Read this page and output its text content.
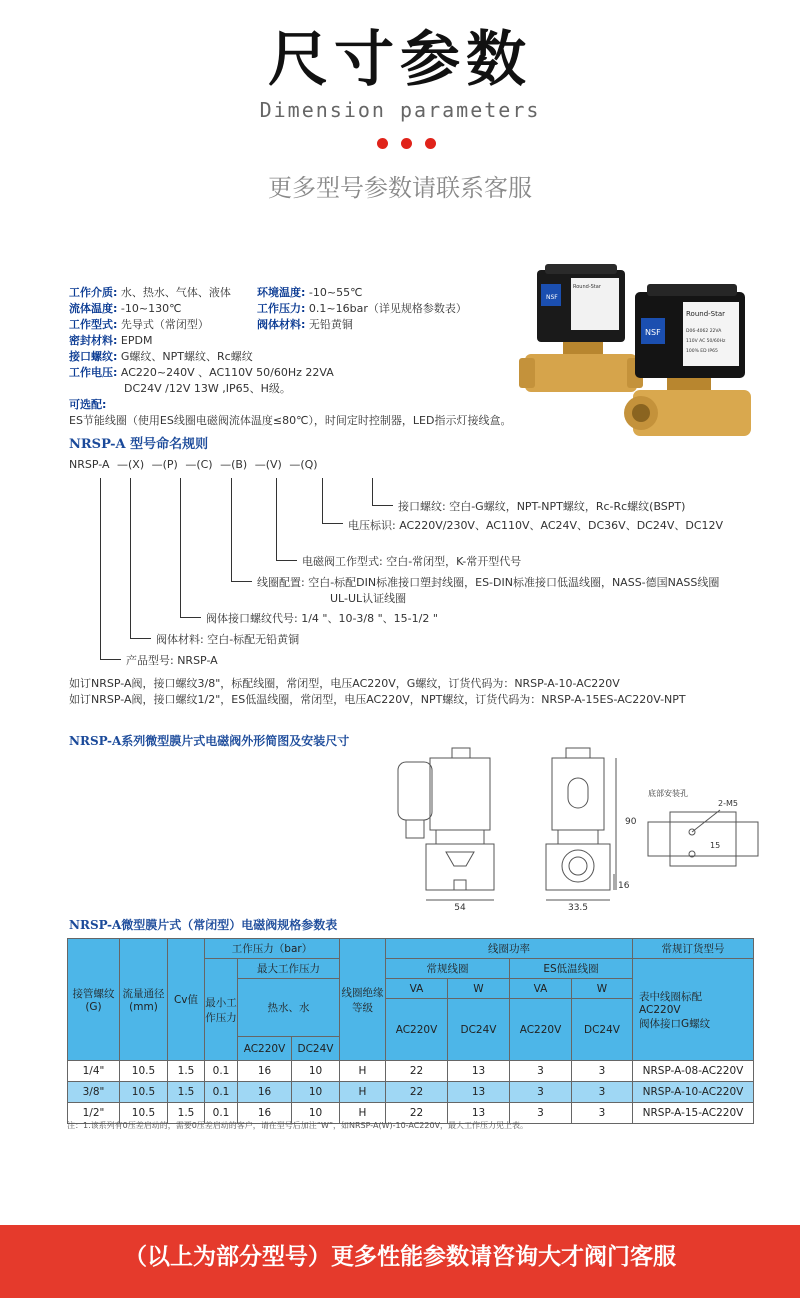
尺寸参数
Dimension parameters
更多型号参数请联系客服
工作介质: 水、热水、气体、液体
流体温度: -10~130℃
工作型式: 先导式（常闭型）
密封材料: EPDM
接口螺纹: G螺纹、NPT螺纹、Rc螺纹
工作电压: AC220~240V 、AC110V 50/60Hz 22VA
DC24V /12V 13W ,IP65、H级。
可选配:
ES节能线圈（使用ES线圈电磁阀流体温度≤80℃），时间定时控制器，LED指示灯接线盒。
环境温度: -10~55℃
工作压力: 0.1~16bar（详见规格参数表）
阀体材料: 无铅黄铜
NSF
Round-Star
NSF
Round-Star
D06-4062 22VA
110V AC 50/60Hz
100% ED IP65
NRSP-A 型号命名规则
NRSP-A —(X) —(P) —(C) —(B) —(V) —(Q)
接口螺纹: 空白-G螺纹，NPT-NPT螺纹，Rc-Rc螺纹(BSPT)
电压标识: AC220V/230V、AC110V、AC24V、DC36V、DC24V、DC12V
电磁阀工作型式: 空白-常闭型，K-常开型代号
线圈配置: 空白-标配DIN标准接口塑封线圈，ES-DIN标准接口低温线圈，NASS-德国NASS线圈
UL-UL认证线圈
阀体接口螺纹代号: 1/4 "、10-3/8 "、15-1/2 "
阀体材料: 空白-标配无铅黄铜
产品型号: NRSP-A
如订NRSP-A阀，接口螺纹3/8"，标配线圈，常闭型，电压AC220V，G螺纹，订货代码为：NRSP-A-10-AC220V
如订NRSP-A阀，接口螺纹1/2"，ES低温线圈，常闭型，电压AC220V，NPT螺纹，订货代码为：NRSP-A-15ES-AC220V-NPT
NRSP-A系列微型膜片式电磁阀外形简图及安装尺寸
54	33.5
90
16
15
2-M5
底部安装孔
NRSP-A微型膜片式（常闭型）电磁阀规格参数表
接管螺纹(G)	流量通径(mm)	Cv值	工作压力（bar）			线圈绝缘等级	线圈功率				常规订货型号
			最小工作压力	最大工作压力			常规线圈		ES低温线圈		表中线圈标配
AC220V
阀体接口G螺纹

				热水、水			VA	W	VA	W	
							AC220V	DC24V	AC220V	DC24V	
				AC220V	DC24V						
1/4"	10.5	1.5	0.1	16	10	H	22	13	3	3	NRSP-A-08-AC220V
3/8"	10.5	1.5	0.1	16	10	H	22	13	3	3	NRSP-A-10-AC220V
1/2"	10.5	1.5	0.1	16	10	H	22	13	3	3	NRSP-A-15-AC220V
注：1.该系列有0压差启动的，需要0压差启动的客户，请在型号后加注“W”，如NRSP-A(W)-10-AC220V，最大工作压力见上表。
（以上为部分型号）更多性能参数请咨询大才阀门客服
